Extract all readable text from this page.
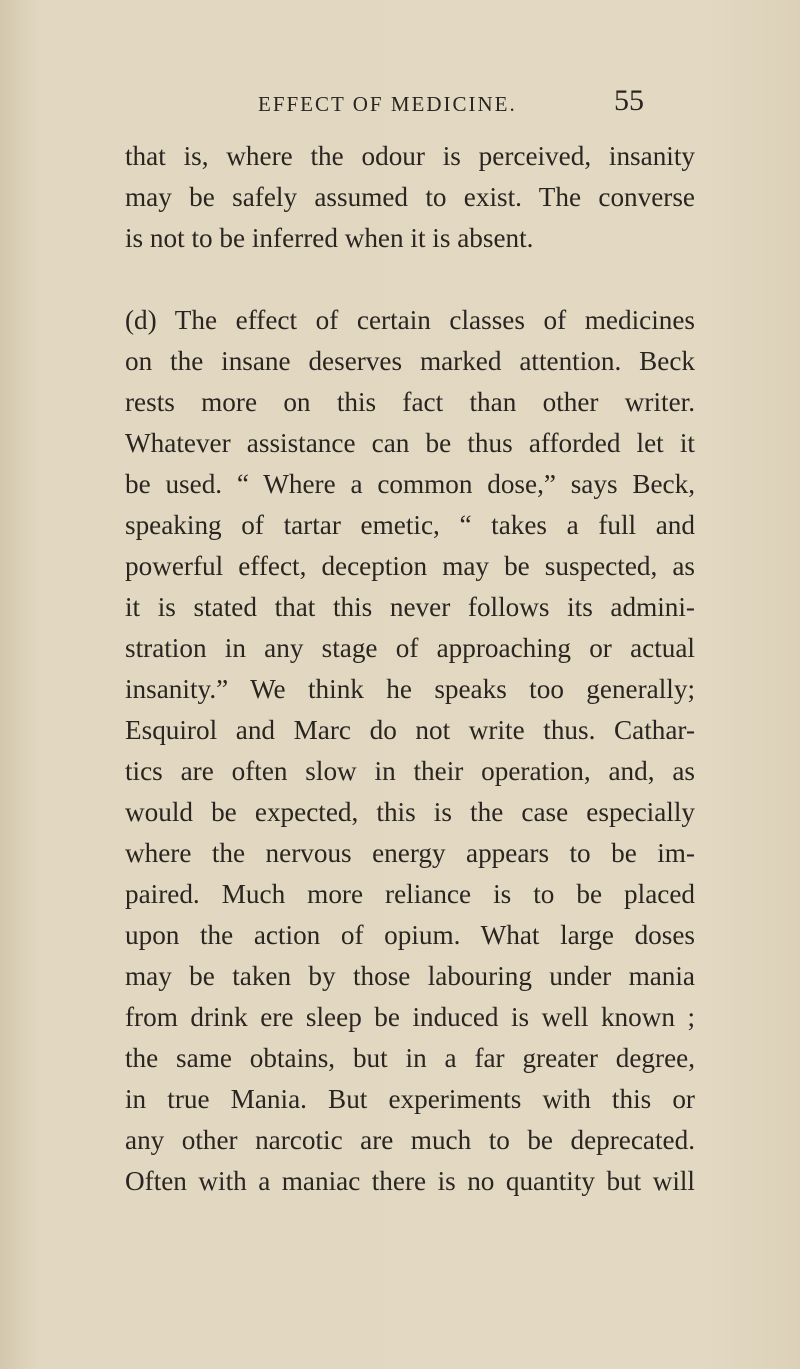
EFFECT OF MEDICINE.	55

that is, where the odour is perceived, insanity
may be safely assumed to exist. The converse
is not to be inferred when it is absent.

(d) The effect of certain classes of medicines
on the insane deserves marked attention. Beck
rests more on this fact than other writer.
Whatever assistance can be thus afforded let it
be used. “ Where a common dose,” says Beck,
speaking of tartar emetic, “ takes a full and
powerful effect, deception may be suspected, as
it is stated that this never follows its admini-
stration in any stage of approaching or actual
insanity.” We think he speaks too generally;
Esquirol and Marc do not write thus. Cathar-
tics are often slow in their operation, and, as
would be expected, this is the case especially
where the nervous energy appears to be im-
paired. Much more reliance is to be placed
upon the action of opium. What large doses
may be taken by those labouring under mania
from drink ere sleep be induced is well known ;
the same obtains, but in a far greater degree,
in true Mania. But experiments with this or
any other narcotic are much to be deprecated.
Often with a maniac there is no quantity but will
